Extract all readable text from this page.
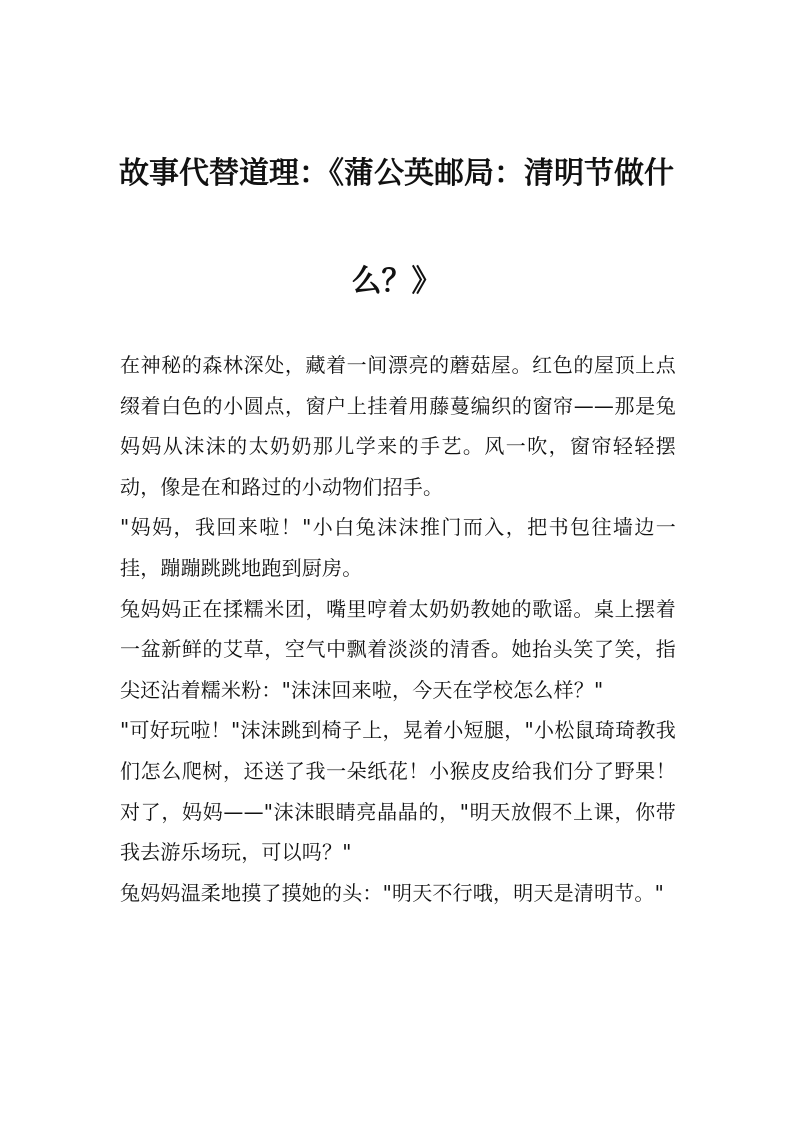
故事代替道理：《蒲公英邮局：清明节做什么？》

在神秘的森林深处，藏着一间漂亮的蘑菇屋。红色的屋顶上点缀着白色的小圆点，窗户上挂着用藤蔓编织的窗帘——那是兔妈妈从沫沫的太奶奶那儿学来的手艺。风一吹，窗帘轻轻摆动，像是在和路过的小动物们招手。

"妈妈，我回来啦！"小白兔沫沫推门而入，把书包往墙边一挂，蹦蹦跳跳地跑到厨房。

兔妈妈正在揉糯米团，嘴里哼着太奶奶教她的歌谣。桌上摆着一盆新鲜的艾草，空气中飘着淡淡的清香。她抬头笑了笑，指尖还沾着糯米粉："沫沫回来啦，今天在学校怎么样？"

"可好玩啦！"沫沫跳到椅子上，晃着小短腿，"小松鼠琦琦教我们怎么爬树，还送了我一朵纸花！小猴皮皮给我们分了野果！对了，妈妈——"沫沫眼睛亮晶晶的，"明天放假不上课，你带我去游乐场玩，可以吗？"

兔妈妈温柔地摸了摸她的头："明天不行哦，明天是清明节。"
